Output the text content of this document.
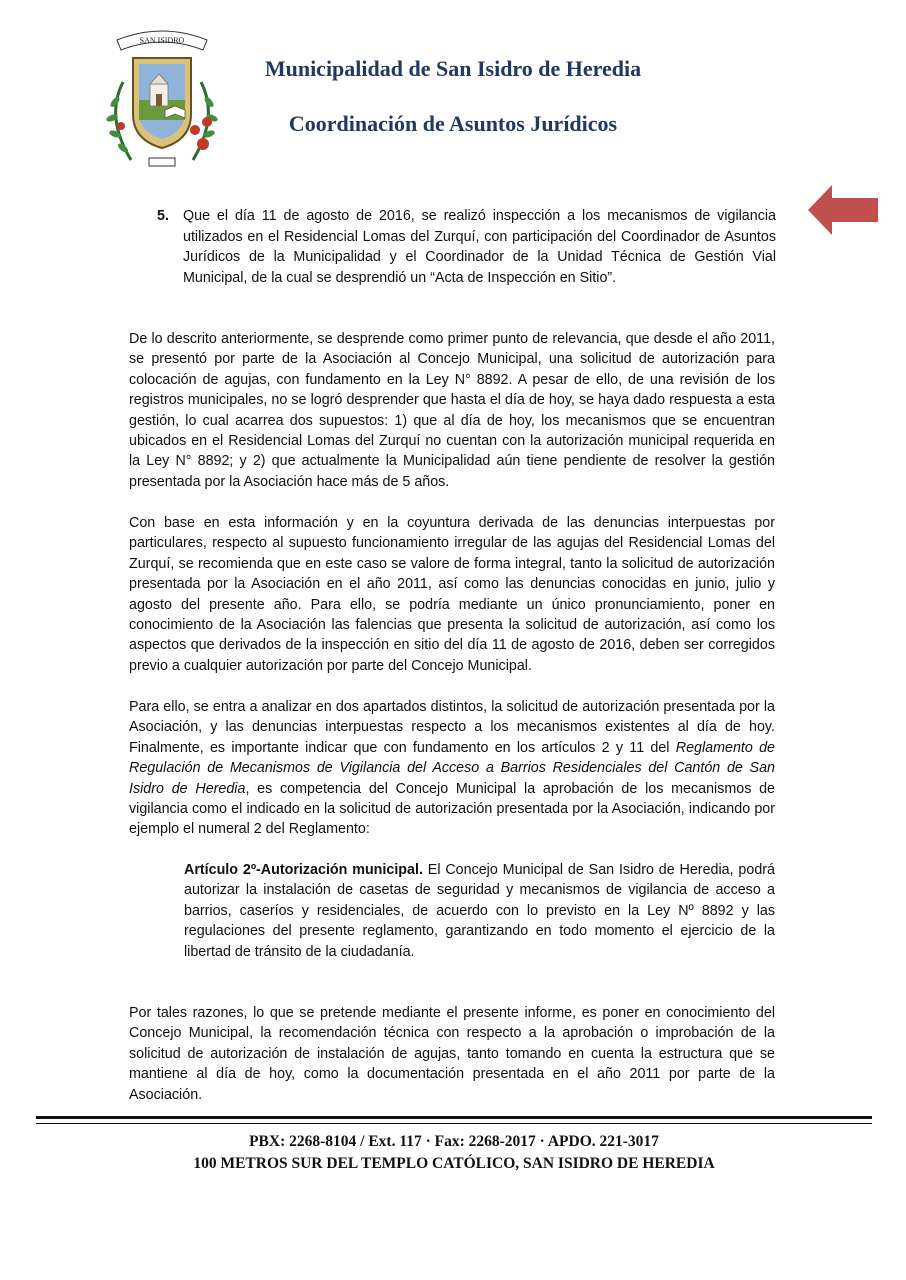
SAN ISIDRO
Municipalidad de San Isidro de Heredia
Coordinación de Asuntos Jurídicos
2
5. Que el día 11 de agosto de 2016, se realizó inspección a los mecanismos de vigilancia utilizados en el Residencial Lomas del Zurquí, con participación del Coordinador de Asuntos Jurídicos de la Municipalidad y el Coordinador de la Unidad Técnica de Gestión Vial Municipal, de la cual se desprendió un “Acta de Inspección en Sitio”.

De lo descrito anteriormente, se desprende como primer punto de relevancia, que desde el año 2011, se presentó por parte de la Asociación al Concejo Municipal, una solicitud de autorización para colocación de agujas, con fundamento en la Ley N° 8892. A pesar de ello, de una revisión de los registros municipales, no se logró desprender que hasta el día de hoy, se haya dado respuesta a esta gestión, lo cual acarrea dos supuestos: 1) que al día de hoy, los mecanismos que se encuentran ubicados en el Residencial Lomas del Zurquí no cuentan con la autorización municipal requerida en la Ley N° 8892; y 2) que actualmente la Municipalidad aún tiene pendiente de resolver la gestión presentada por la Asociación hace más de 5 años.

Con base en esta información y en la coyuntura derivada de las denuncias interpuestas por particulares, respecto al supuesto funcionamiento irregular de las agujas del Residencial Lomas del Zurquí, se recomienda que en este caso se valore de forma integral, tanto la solicitud de autorización presentada por la Asociación en el año 2011, así como las denuncias conocidas en junio, julio y agosto del presente año. Para ello, se podría mediante un único pronunciamiento, poner en conocimiento de la Asociación las falencias que presenta la solicitud de autorización, así como los aspectos que derivados de la inspección en sitio del día 11 de agosto de 2016, deben ser corregidos previo a cualquier autorización por parte del Concejo Municipal.

Para ello, se entra a analizar en dos apartados distintos, la solicitud de autorización presentada por la Asociación, y las denuncias interpuestas respecto a los mecanismos existentes al día de hoy. Finalmente, es importante indicar que con fundamento en los artículos 2 y 11 del Reglamento de Regulación de Mecanismos de Vigilancia del Acceso a Barrios Residenciales del Cantón de San Isidro de Heredia, es competencia del Concejo Municipal la aprobación de los mecanismos de vigilancia como el indicado en la solicitud de autorización presentada por la Asociación, indicando por ejemplo el numeral 2 del Reglamento:

Artículo 2º-Autorización municipal. El Concejo Municipal de San Isidro de Heredia, podrá autorizar la instalación de casetas de seguridad y mecanismos de vigilancia de acceso a barrios, caseríos y residenciales, de acuerdo con lo previsto en la Ley Nº 8892 y las regulaciones del presente reglamento, garantizando en todo momento el ejercicio de la libertad de tránsito de la ciudadanía.

Por tales razones, lo que se pretende mediante el presente informe, es poner en conocimiento del Concejo Municipal, la recomendación técnica con respecto a la aprobación o improbación de la solicitud de autorización de instalación de agujas, tanto tomando en cuenta la estructura que se mantiene al día de hoy, como la documentación presentada en el año 2011 por parte de la Asociación.

PBX: 2268-8104 / Ext. 117 · Fax: 2268-2017 · APDO. 221-3017
100 METROS SUR DEL TEMPLO CATÓLICO, SAN ISIDRO DE HEREDIA
